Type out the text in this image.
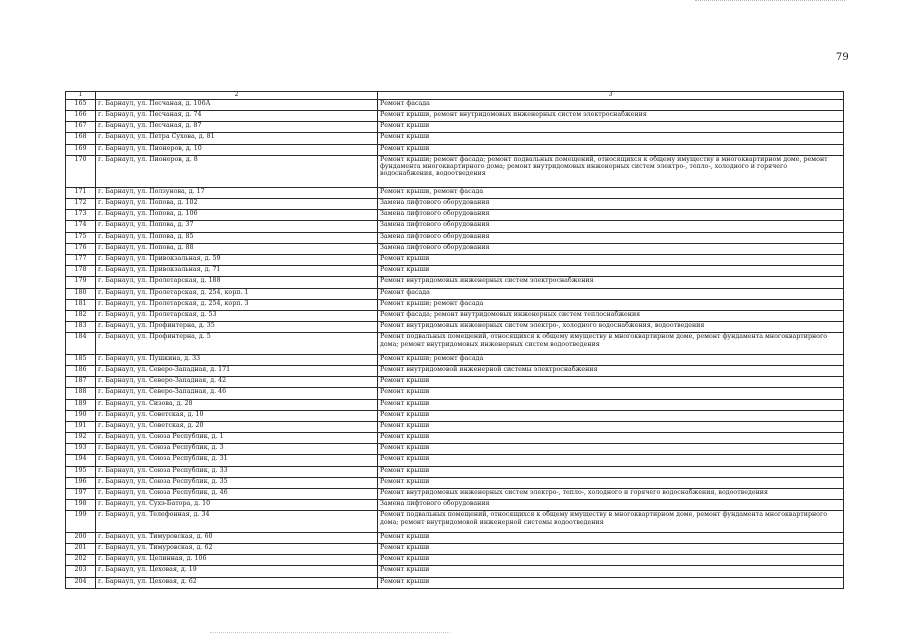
79
1	2	3
165	г. Барнаул, ул. Песчаная, д. 106А	Ремонт фасада
166	г. Барнаул, ул. Песчаная, д. 74	Ремонт крыши, ремонт внутридомовых инженерных систем электроснабжения
167	г. Барнаул, ул. Песчаная, д. 87	Ремонт крыши
168	г. Барнаул, ул. Петра Сухова, д. 81	Ремонт крыши
169	г. Барнаул, ул. Пионеров, д. 10	Ремонт крыши
170	г. Барнаул, ул. Пионеров, д. 8	Ремонт крыши; ремонт фасада; ремонт подвальных помещений, относящихся к общему имуществу в многоквартирном доме, ремонт фундамента многоквартирного дома; ремонт внутридомовых инженерных систем электро-, тепло-, холодного и горячего водоснабжения, водоотведения
171	г. Барнаул, ул. Ползунова, д. 17	Ремонт крыши, ремонт фасада
172	г. Барнаул, ул. Попова, д. 102	Замена лифтового оборудования
173	г. Барнаул, ул. Попова, д. 106	Замена лифтового оборудования
174	г. Барнаул, ул. Попова, д. 37	Замена лифтового оборудования
175	г. Барнаул, ул. Попова, д. 85	Замена лифтового оборудования
176	г. Барнаул, ул. Попова, д. 88	Замена лифтового оборудования
177	г. Барнаул, ул. Привокзальная, д. 59	Ремонт крыши
178	г. Барнаул, ул. Привокзальная, д. 71	Ремонт крыши
179	г. Барнаул, ул. Пролетарская, д. 188	Ремонт внутридомовых инженерных систем электроснабжения
180	г. Барнаул, ул. Пролетарская, д. 254, корп. 1	Ремонт фасада
181	г. Барнаул, ул. Пролетарская, д. 254, корп. 3	Ремонт крыши; ремонт фасада
182	г. Барнаул, ул. Пролетарская, д. 53	Ремонт фасада; ремонт внутридомовых инженерных систем теплоснабжения
183	г. Барнаул, ул. Профинтерна, д. 35	Ремонт внутридомовых инженерных систем электро-, холодного водоснабжения, водоотведения
184	г. Барнаул, ул. Профинтерна, д. 5	Ремонт подвальных помещений, относящихся к общему имуществу в многоквартирном доме, ремонт фундамента многоквартирного дома; ремонт внутридомовых инженерных систем водоотведения
185	г. Барнаул, ул. Пушкина, д. 33	Ремонт крыши; ремонт фасада
186	г. Барнаул, ул. Северо-Западная, д. 171	Ремонт внутридомовой инженерной системы электроснабжения
187	г. Барнаул, ул. Северо-Западная, д. 42	Ремонт крыши
188	г. Барнаул, ул. Северо-Западная, д. 46	Ремонт крыши
189	г. Барнаул, ул. Сизова, д. 28	Ремонт крыши
190	г. Барнаул, ул. Советская, д. 10	Ремонт крыши
191	г. Барнаул, ул. Советская, д. 20	Ремонт крыши
192	г. Барнаул, ул. Союза Республик, д. 1	Ремонт крыши
193	г. Барнаул, ул. Союза Республик, д. 3	Ремонт крыши
194	г. Барнаул, ул. Союза Республик, д. 31	Ремонт крыши
195	г. Барнаул, ул. Союза Республик, д. 33	Ремонт крыши
196	г. Барнаул, ул. Союза Республик, д. 35	Ремонт крыши
197	г. Барнаул, ул. Союза Республик, д. 46	Ремонт внутридомовых инженерных систем электро-, тепло-, холодного и горячего водоснабжения, водоотведения
198	г. Барнаул, ул. Сухэ-Батора, д. 10	Замена лифтового оборудования
199	г. Барнаул, ул. Телефонная, д. 34	Ремонт подвальных помещений, относящихся к общему имуществу в многоквартирном доме, ремонт фундамента многоквартирного дома; ремонт внутридомовой инженерной системы водоотведения
200	г. Барнаул, ул. Тимуровская, д. 60	Ремонт крыши
201	г. Барнаул, ул. Тимуровская, д. 62	Ремонт крыши
202	г. Барнаул, ул. Целинная, д. 106	Ремонт крыши
203	г. Барнаул, ул. Цеховая, д. 19	Ремонт крыши
204	г. Барнаул, ул. Цеховая, д. 62	Ремонт крыши
